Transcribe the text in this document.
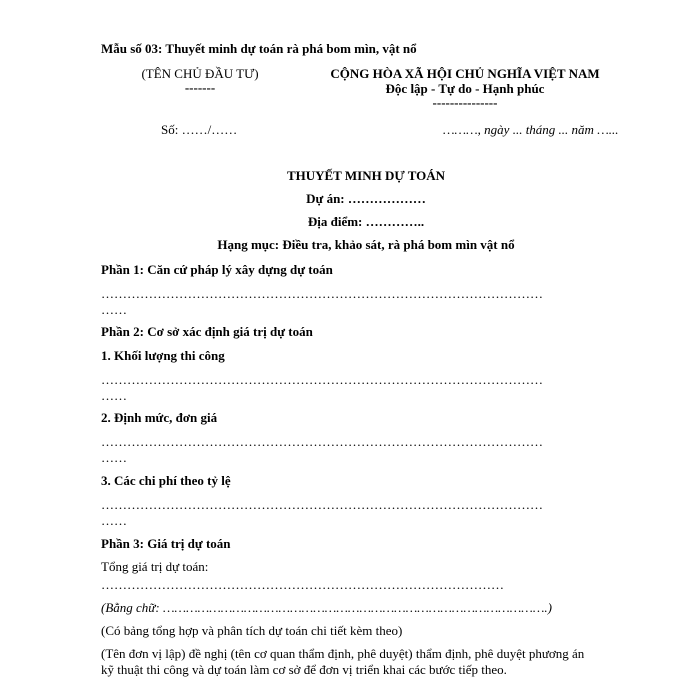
Mẫu số 03: Thuyết minh dự toán rà phá bom mìn, vật nổ
(TÊN CHỦ ĐẦU TƯ)
-------
CỘNG HÒA XÃ HỘI CHỦ NGHĨA VIỆT NAM
Độc lập - Tự do - Hạnh phúc
---------------
Số: ……/……	………, ngày ... tháng ... năm …...
THUYẾT MINH DỰ TOÁN
Dự án: ………………
Địa điểm: …………..
Hạng mục: Điều tra, khảo sát, rà phá bom mìn vật nổ
Phần 1: Căn cứ pháp lý xây dựng dự toán
…………………………………………………………………………………………
……
Phần 2: Cơ sở xác định giá trị dự toán
1. Khối lượng thi công
…………………………………………………………………………………………
……
2. Định mức, đơn giá
…………………………………………………………………………………………
……
3. Các chi phí theo tỷ lệ
…………………………………………………………………………………………
……
Phần 3: Giá trị dự toán
Tổng giá trị dự toán:
…………………………………………………………………………………
(Bằng chữ: ……………………………………………………………………………………….)
(Có bảng tổng hợp và phân tích dự toán chi tiết kèm theo)
(Tên đơn vị lập) đề nghị (tên cơ quan thẩm định, phê duyệt) thẩm định, phê duyệt phương án
kỹ thuật thi công và dự toán làm cơ sở để đơn vị triển khai các bước tiếp theo.
